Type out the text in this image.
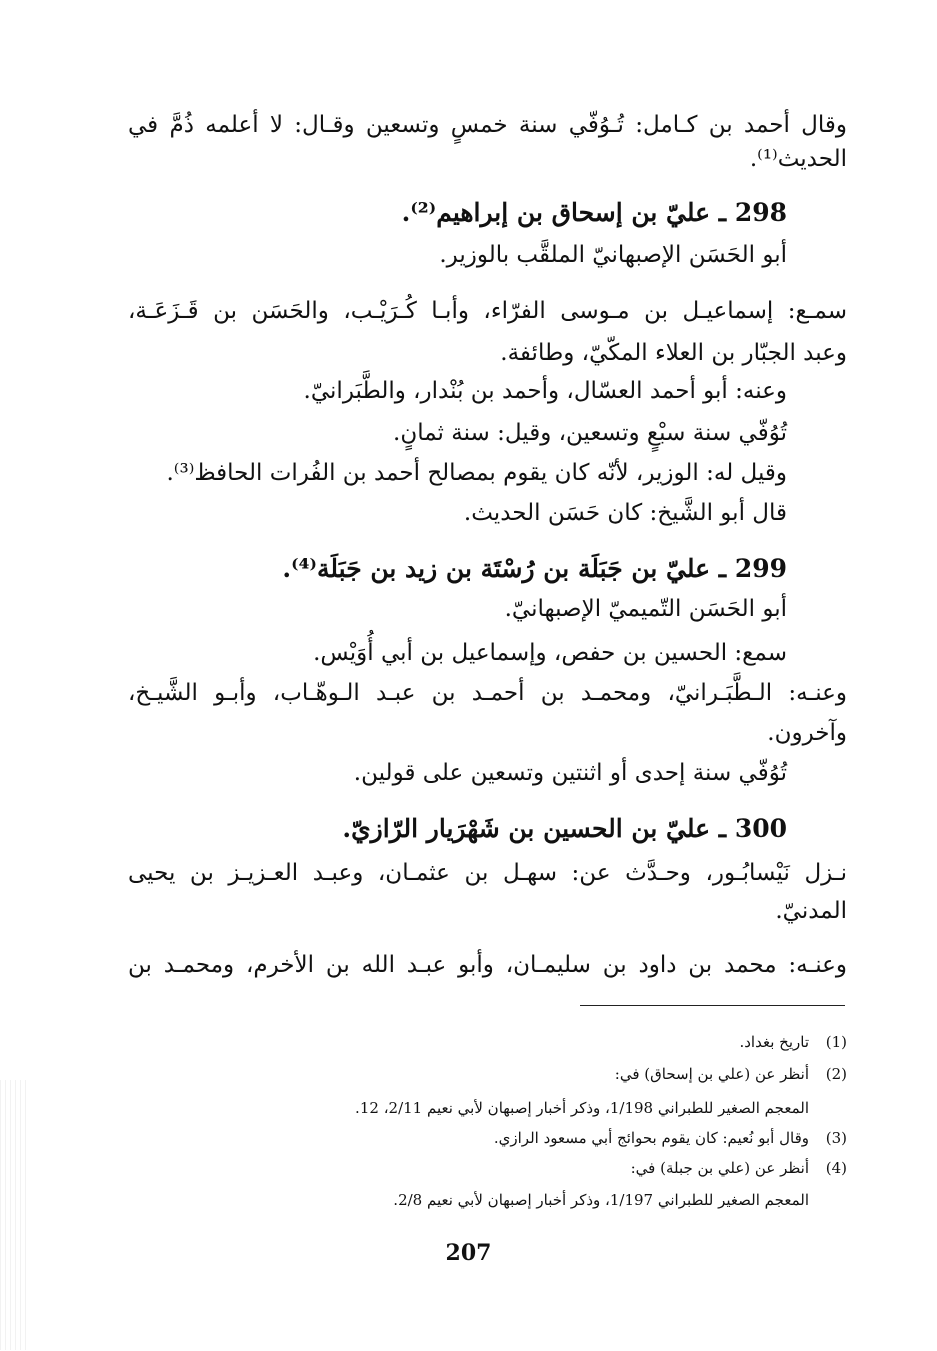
وقال أحمد بن كـامل: تُـوُفّي سنة خمسٍ وتسعين وقـال: لا أعلمه ذُمَّ في
الحديث⁽¹⁾.
298 ـ عليّ بن إسحاق بن إبراهيم⁽²⁾.
أبو الحَسَن الإصبهانيّ الملقَّب بالوزير.
سمـع: إسماعيـل بن مـوسى الفرّاء، وأبـا كُـرَيْـب، والحَسَن بن قَـزَعَـة،
وعبد الجبّار بن العلاء المكّيّ، وطائفة.
وعنه: أبو أحمد العسّال، وأحمد بن بُنْدار، والطَّبَرانيّ.
تُوُفّي سنة سبْعٍ وتسعين، وقيل: سنة ثمانٍ.
وقيل له: الوزير، لأنّه كان يقوم بمصالح أحمد بن الفُرات الحافظ⁽³⁾.
قال أبو الشَّيخ: كان حَسَن الحديث.
299 ـ عليّ بن جَبَلَة بن رُسْتَة بن زيد بن جَبَلَة⁽⁴⁾.
أبو الحَسَن التّميميّ الإصبهانيّ.
سمع: الحسين بن حفص، وإسماعيل بن أبي أُوَيْس.
وعنـه: الـطَّبَـرانيّ، ومحمـد بن أحمـد بن عبـد الـوهّـاب، وأبـو الشَّيـخ،
وآخرون.
تُوُفّي سنة إحدى أو اثنتين وتسعين على قولين.
300 ـ عليّ بن الحسين بن شَهْرَيار الرّازيّ.
نـزل نَيْسابُـور، وحـدَّث عن: سهـل بن عثمـان، وعبـد العـزيـز بن يحيى
المدنيّ.
وعنـه: محمد بن داود بن سليمـان، وأبو عبـد الله بن الأخرم، ومحمـد بن
(1)
تاريخ بغداد.
(2)
أنظر عن (علي بن إسحاق) في:
المعجم الصغير للطبراني 1/198، وذكر أخبار إصبهان لأبي نعيم 2/11، 12.
(3)
وقال أبو نُعيم: كان يقوم بحوائج أبي مسعود الرازي.
(4)
أنظر عن (علي بن جبلة) في:
المعجم الصغير للطبراني 1/197، وذكر أخبار إصبهان لأبي نعيم 2/8.
207
